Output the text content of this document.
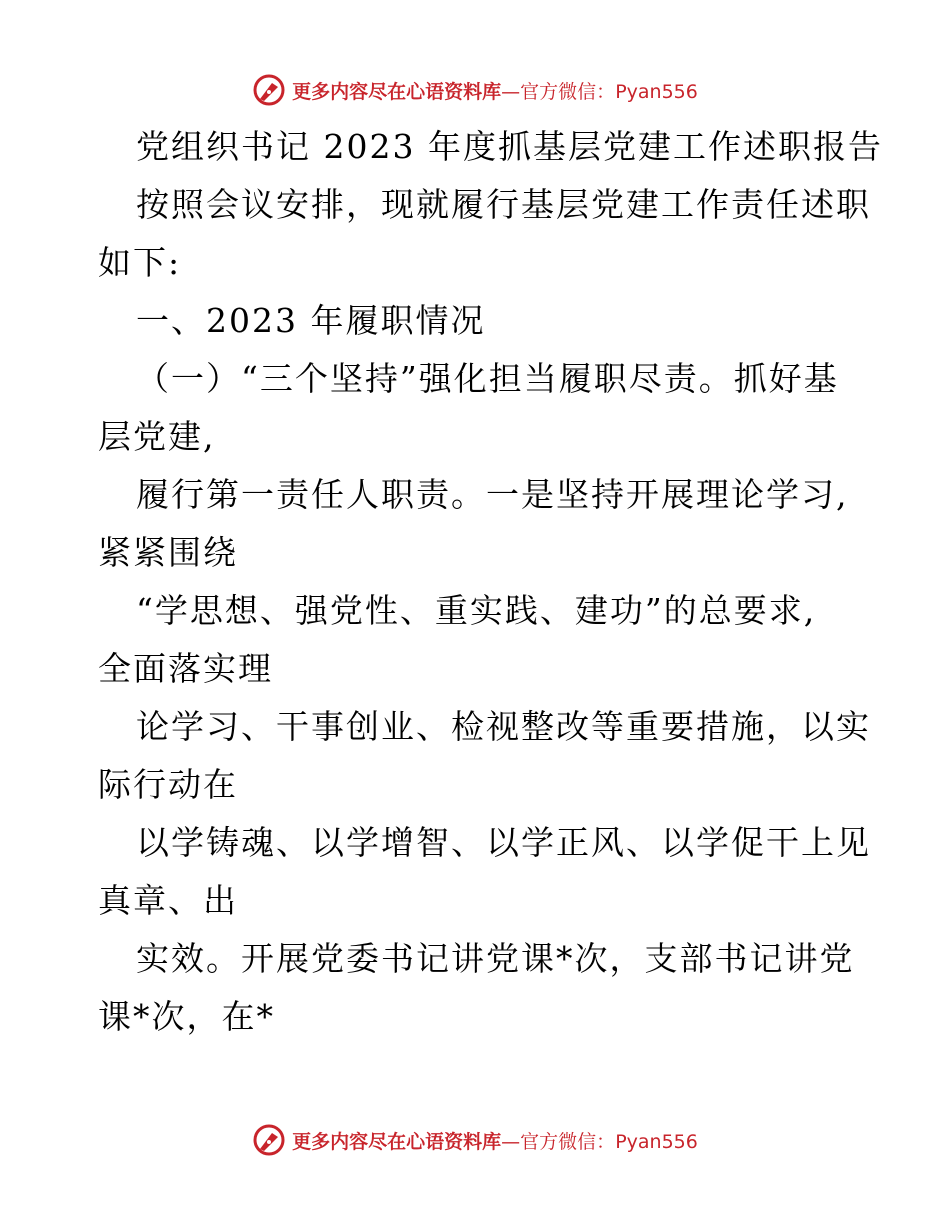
更多内容尽在心语资料库—官方微信：Pyan556
党组织书记 2023 年度抓基层党建工作述职报告
按照会议安排，现就履行基层党建工作责任述职
如下:
一、2023 年履职情况
（一）“三个坚持”强化担当履职尽责。抓好基
层党建,
履行第一责任人职责。一是坚持开展理论学习,
紧紧围绕
“学思想、强党性、重实践、建功”的总要求,
全面落实理
论学习、干事创业、检视整改等重要措施，以实
际行动在
以学铸魂、以学增智、以学正风、以学促干上见
真章、出
实效。开展党委书记讲党课*次，支部书记讲党
课*次，在*
更多内容尽在心语资料库—官方微信：Pyan556
